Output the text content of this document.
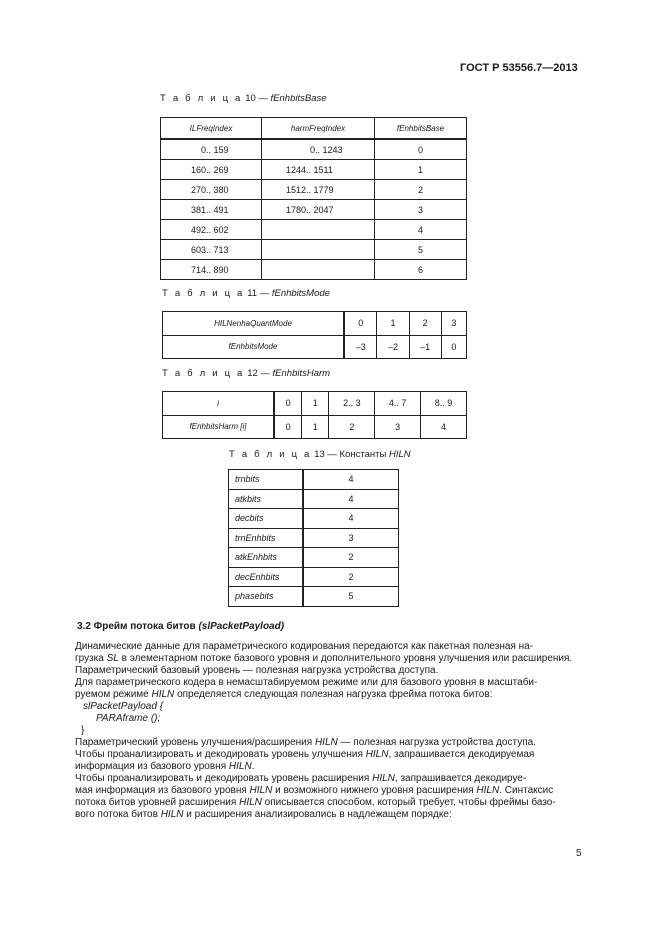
ГОСТ Р 53556.7—2013
Т а б л и ц а 10 — fEnhbitsBase
ILFreqIndex	harmFreqIndex	fEnhbitsBase
0.. 159	0.. 1243	0
160.. 269	1244.. 1511	1
270.. 380	1512.. 1779	2
381.. 491	1780.. 2047	3
492.. 602		4
603.. 713		5
714.. 890		6
Т а б л и ц а 11 — fEnhbitsMode
HILNenhaQuantMode	0	1	2	3
fEnhbitsMode	–3	–2	–1	0
Т а б л и ц а 12 — fEnhbitsHarm
i	0	1	2.. 3	4.. 7	8.. 9
fEnhbitsHarm [i]	0	1	2	3	4
Т а б л и ц а 13 — Константы HILN
trnbits	4
atkbits	4
decbits	4
trnEnhbits	3
atkEnhbits	2
decEnhbits	2
phasebits	5
3.2 Фрейм потока битов (slPacketPayload)

Динамические данные для параметрического кодирования передаются как пакетная полезная на-

грузка SL в элементарном потоке базового уровня и дополнительного уровня улучшения или расширения.

Параметрический базовый уровень — полезная нагрузка устройства доступа.

Для параметрического кодера в немасштабируемом режиме или для базового уровня в масштаби-

руемом режиме HILN определяется следующая полезная нагрузка фрейма потока битов:

slPacketPayload {

PARAframe ();

}

Параметрический уровень улучшения/расширения HILN — полезная нагрузка устройства доступа.

Чтобы проанализировать и декодировать уровень улучшения HILN, запрашивается декодируемая

информация из базового уровня HILN.

Чтобы проанализировать и декодировать уровень расширения HILN, запрашивается декодируе-

мая информация из базового уровня HILN и возможного нижнего уровня расширения HILN. Синтаксис

потока битов уровней расширения HILN описывается способом, который требует, чтобы фреймы базо-

вого потока битов HILN и расширения анализировались в надлежащем порядке:

5
